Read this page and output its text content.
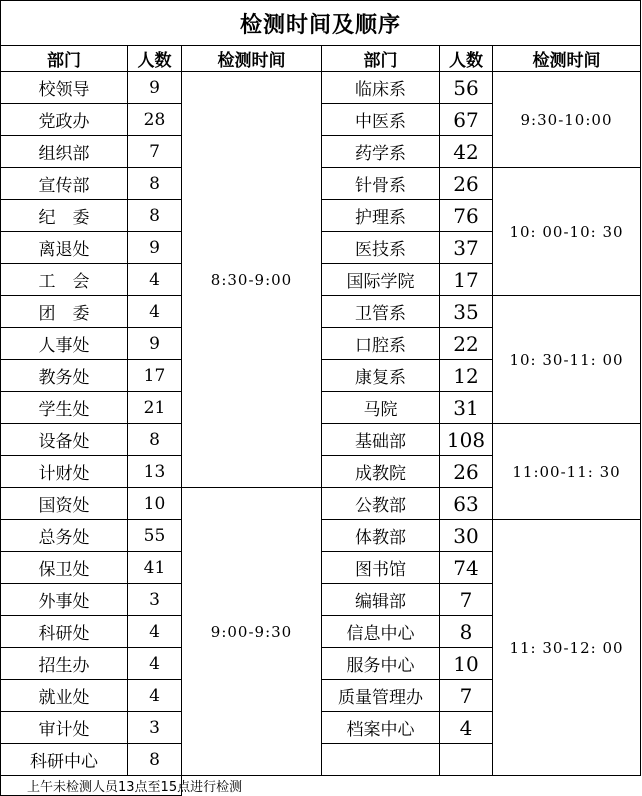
检测时间及顺序					
部门	人数	检测时间	部门	人数	检测时间
校领导	9	8:30-9:00	临床系	56	9:30-10:00
党政办	28		中医系	67	
组织部	7		药学系	42	
宣传部	8		针骨系	26	10: 00-10: 30
纪　委	8		护理系	76	
离退处	9		医技系	37	
工　会	4		国际学院	17	
团　委	4		卫管系	35	10: 30-11: 00
人事处	9		口腔系	22	
教务处	17		康复系	12	
学生处	21		马院	31	
设备处	8		基础部	108	11:00-11: 30
计财处	13		成教院	26	
国资处	10	9:00-9:30	公教部	63	
总务处	55		体教部	30	11: 30-12: 00
保卫处	41		图书馆	74	
外事处	3		编辑部	7	
科研处	4		信息中心	8	
招生办	4		服务中心	10	
就业处	4		质量管理办	7	
审计处	3		档案中心	4	
科研中心	8				
上午未检测人员13点至15点进行检测					
